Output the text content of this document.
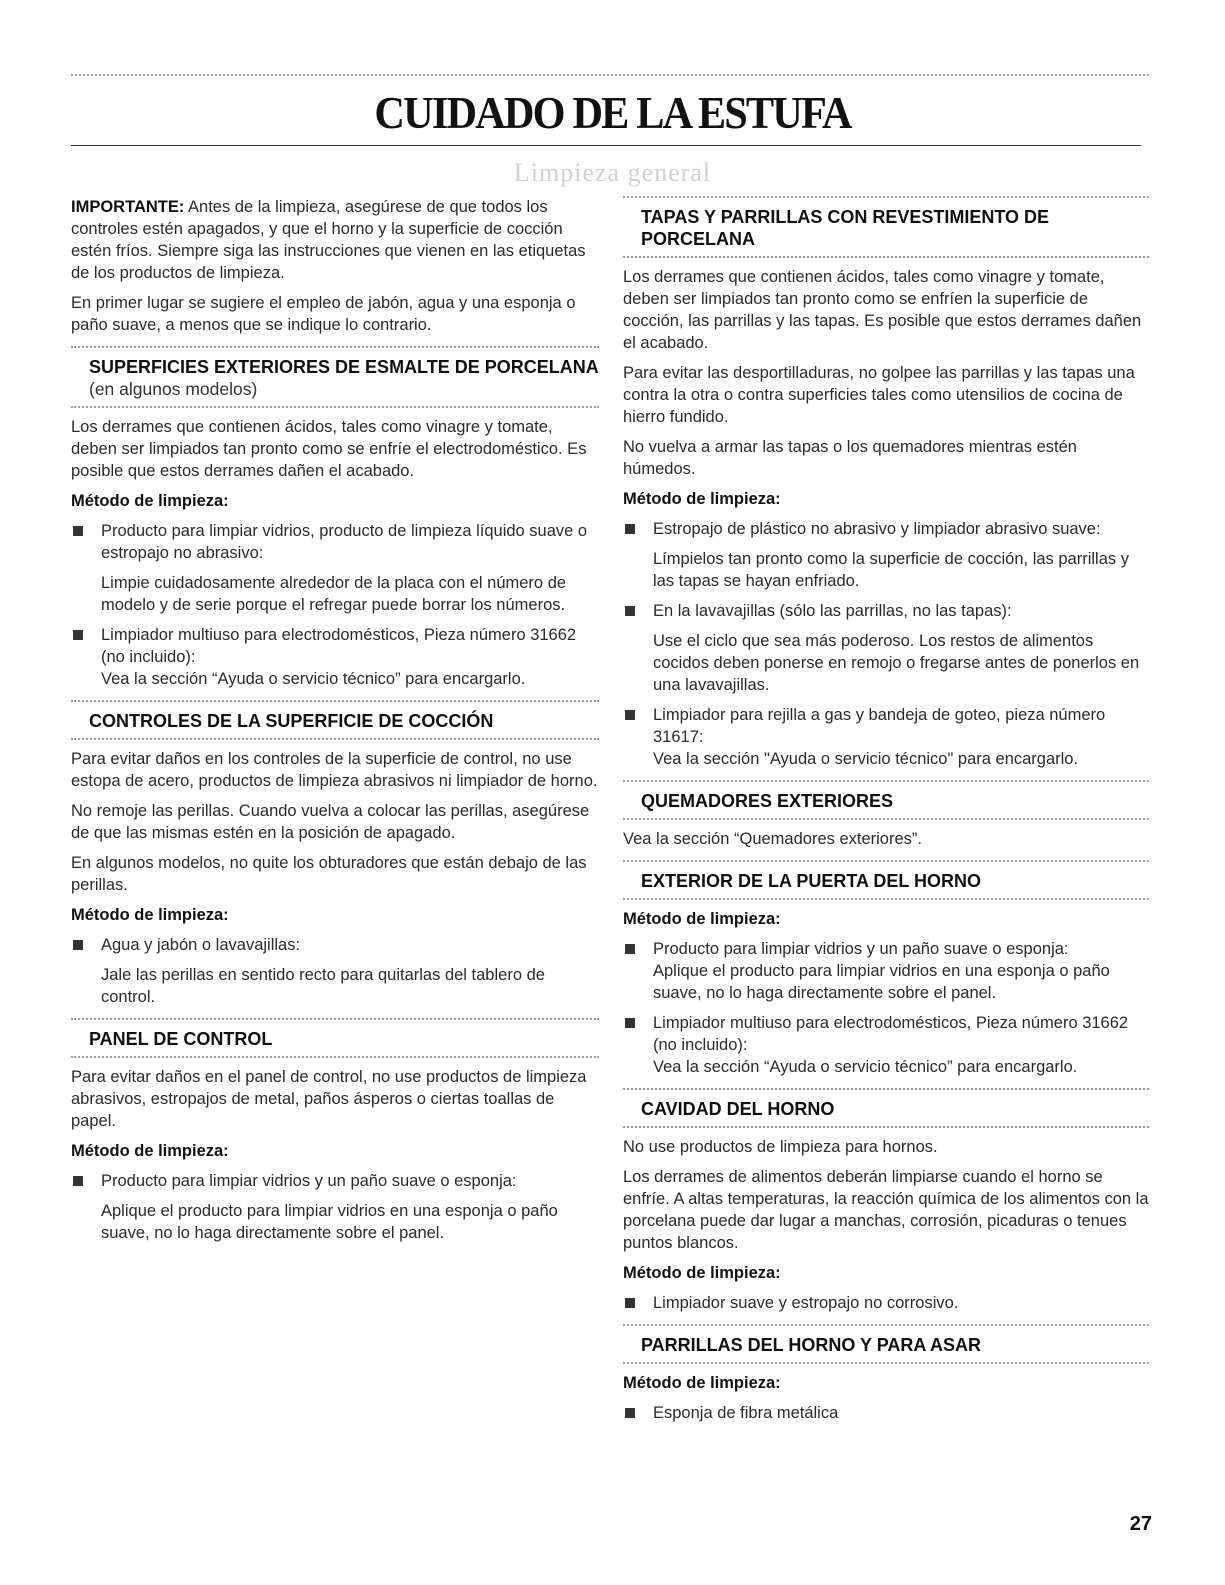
CUIDADO DE LA ESTUFA
Limpieza general

IMPORTANTE: Antes de la limpieza, asegúrese de que todos los controles estén apagados, y que el horno y la superficie de cocción estén fríos. Siempre siga las instrucciones que vienen en las etiquetas de los productos de limpieza.

En primer lugar se sugiere el empleo de jabón, agua y una esponja o paño suave, a menos que se indique lo contrario.

SUPERFICIES EXTERIORES DE ESMALTE DE PORCELANA
(en algunos modelos)

Los derrames que contienen ácidos, tales como vinagre y tomate, deben ser limpiados tan pronto como se enfríe el electrodoméstico. Es posible que estos derrames dañen el acabado.

Método de limpieza:

Producto para limpiar vidrios, producto de limpieza líquido suave o estropajo no abrasivo:
Limpie cuidadosamente alrededor de la placa con el número de modelo y de serie porque el refregar puede borrar los números.
Limpiador multiuso para electrodomésticos, Pieza número 31662 (no incluido):
Vea la sección “Ayuda o servicio técnico” para encargarlo.
CONTROLES DE LA SUPERFICIE DE COCCIÓN

Para evitar daños en los controles de la superficie de control, no use estopa de acero, productos de limpieza abrasivos ni limpiador de horno.

No remoje las perillas. Cuando vuelva a colocar las perillas, asegúrese de que las mismas estén en la posición de apagado.

En algunos modelos, no quite los obturadores que están debajo de las perillas.

Método de limpieza:

Agua y jabón o lavavajillas:
Jale las perillas en sentido recto para quitarlas del tablero de control.
PANEL DE CONTROL

Para evitar daños en el panel de control, no use productos de limpieza abrasivos, estropajos de metal, paños ásperos o ciertas toallas de papel.

Método de limpieza:

Producto para limpiar vidrios y un paño suave o esponja:
Aplique el producto para limpiar vidrios en una esponja o paño suave, no lo haga directamente sobre el panel.
TAPAS Y PARRILLAS CON REVESTIMIENTO DE PORCELANA

Los derrames que contienen ácidos, tales como vinagre y tomate, deben ser limpiados tan pronto como se enfríen la superficie de cocción, las parrillas y las tapas. Es posible que estos derrames dañen el acabado.

Para evitar las desportilladuras, no golpee las parrillas y las tapas una contra la otra o contra superficies tales como utensilios de cocina de hierro fundido.

No vuelva a armar las tapas o los quemadores mientras estén húmedos.

Método de limpieza:

Estropajo de plástico no abrasivo y limpiador abrasivo suave:
Límpielos tan pronto como la superficie de cocción, las parrillas y las tapas se hayan enfriado.
En la lavavajillas (sólo las parrillas, no las tapas):
Use el ciclo que sea más poderoso. Los restos de alimentos cocidos deben ponerse en remojo o fregarse antes de ponerlos en una lavavajillas.
Limpiador para rejilla a gas y bandeja de goteo, pieza número 31617:
Vea la sección "Ayuda o servicio técnico" para encargarlo.
QUEMADORES EXTERIORES

Vea la sección “Quemadores exteriores”.

EXTERIOR DE LA PUERTA DEL HORNO

Método de limpieza:

Producto para limpiar vidrios y un paño suave o esponja:
Aplique el producto para limpiar vidrios en una esponja o paño suave, no lo haga directamente sobre el panel.
Limpiador multiuso para electrodomésticos, Pieza número 31662 (no incluido):
Vea la sección “Ayuda o servicio técnico” para encargarlo.
CAVIDAD DEL HORNO

No use productos de limpieza para hornos.

Los derrames de alimentos deberán limpiarse cuando el horno se enfríe. A altas temperaturas, la reacción química de los alimentos con la porcelana puede dar lugar a manchas, corrosión, picaduras o tenues puntos blancos.

Método de limpieza:

Limpiador suave y estropajo no corrosivo.
PARRILLAS DEL HORNO Y PARA ASAR

Método de limpieza:

Esponja de fibra metálica
27
